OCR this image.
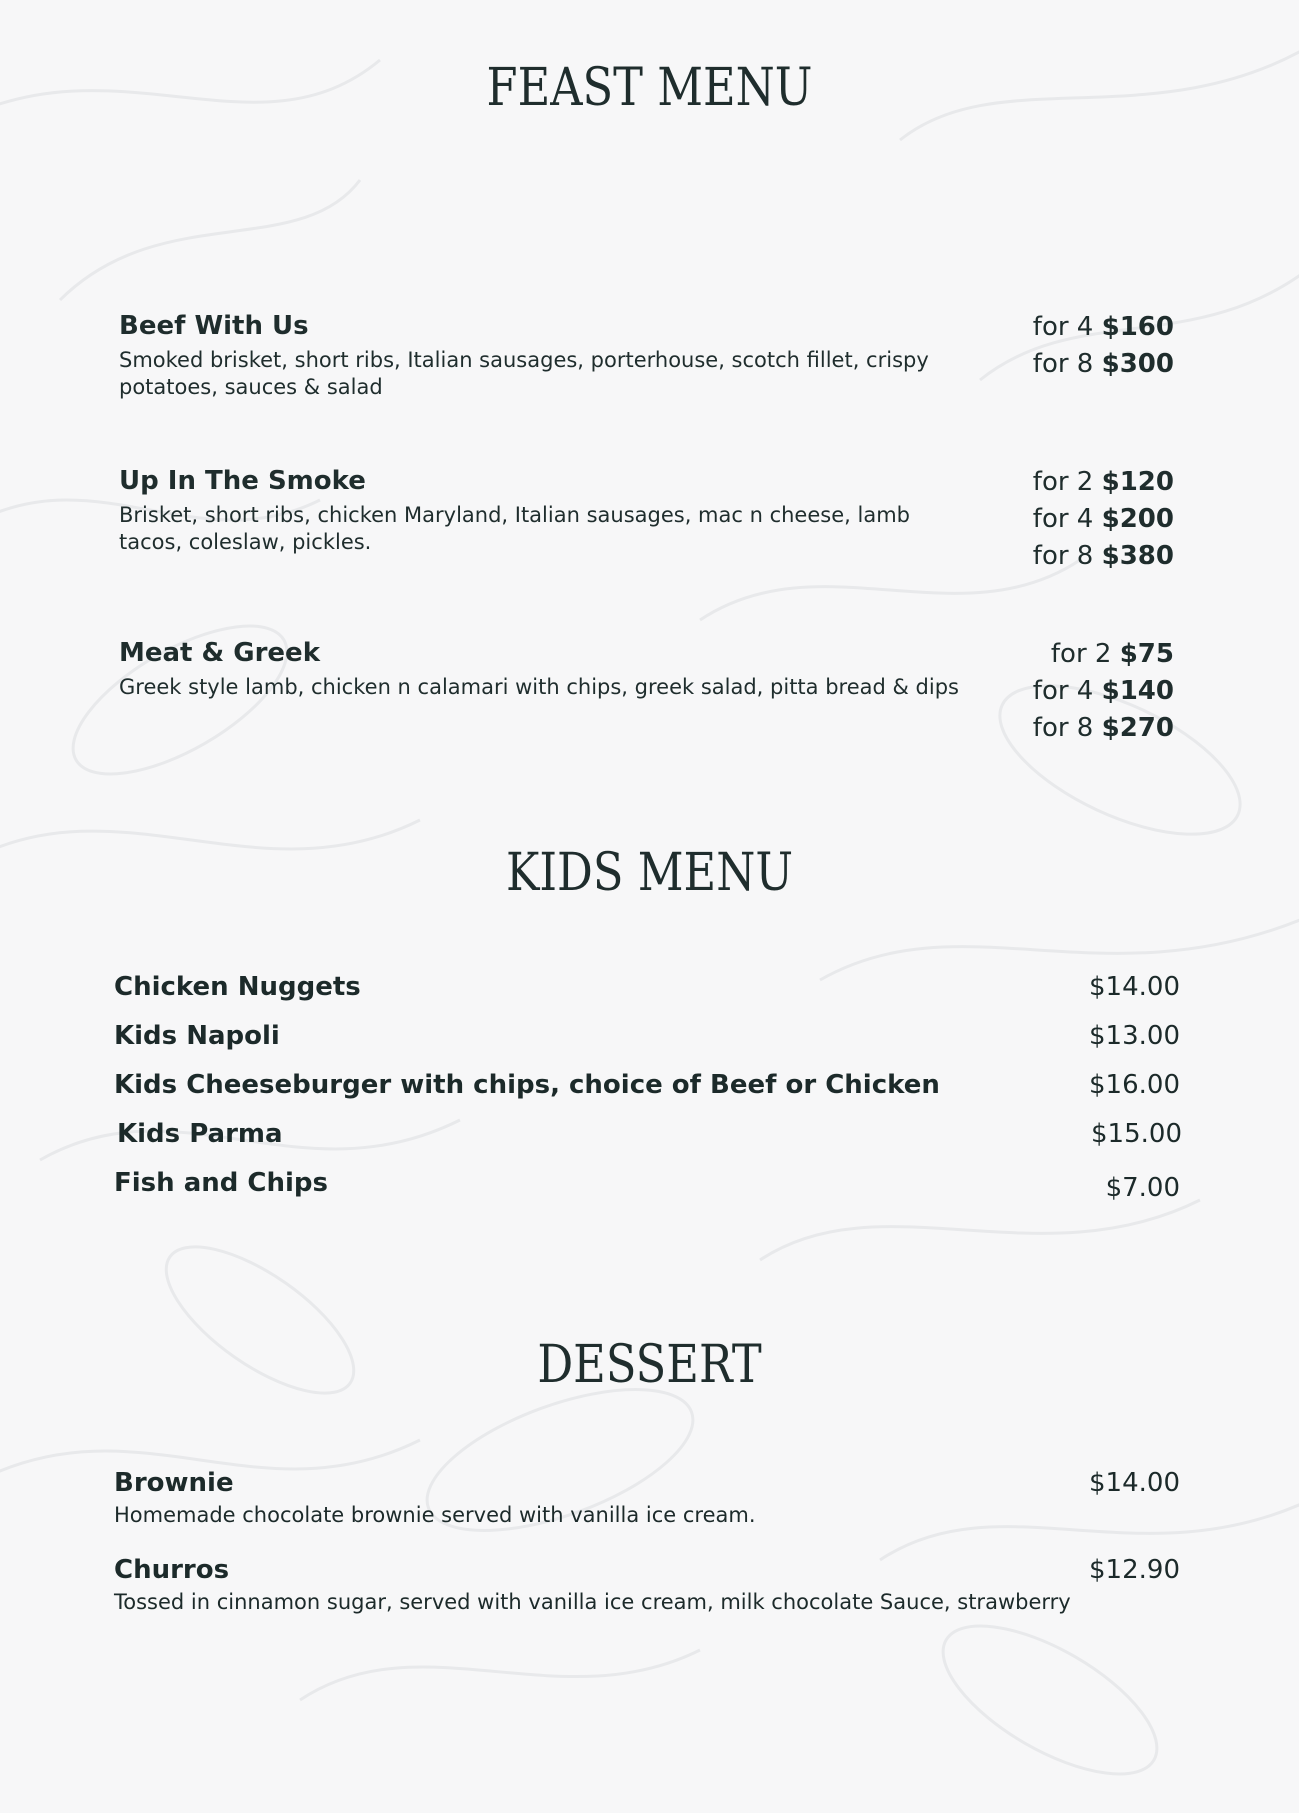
FEAST MENU
Beef With Us
Smoked brisket, short ribs, Italian sausages, porterhouse, scotch fillet, crispy potatoes, sauces & salad
for 4 $160
for 8 $300
Up In The Smoke
Brisket, short ribs, chicken Maryland, Italian sausages, mac n cheese, lamb tacos, coleslaw, pickles.
for 2 $120
for 4 $200
for 8 $380
Meat & Greek
Greek style lamb, chicken n calamari with chips, greek salad, pitta bread & dips
for 2 $75
for 4 $140
for 8 $270
KIDS MENU
Chicken Nuggets	$14.00
Kids Napoli	$13.00
Kids Cheeseburger with chips, choice of Beef or Chicken	$16.00
Kids Parma	$15.00
Fish and Chips	$7.00
DESSERT
Brownie	$14.00
Homemade chocolate brownie served with vanilla ice cream.
Churros	$12.90
Tossed in cinnamon sugar, served with vanilla ice cream, milk chocolate Sauce, strawberry
